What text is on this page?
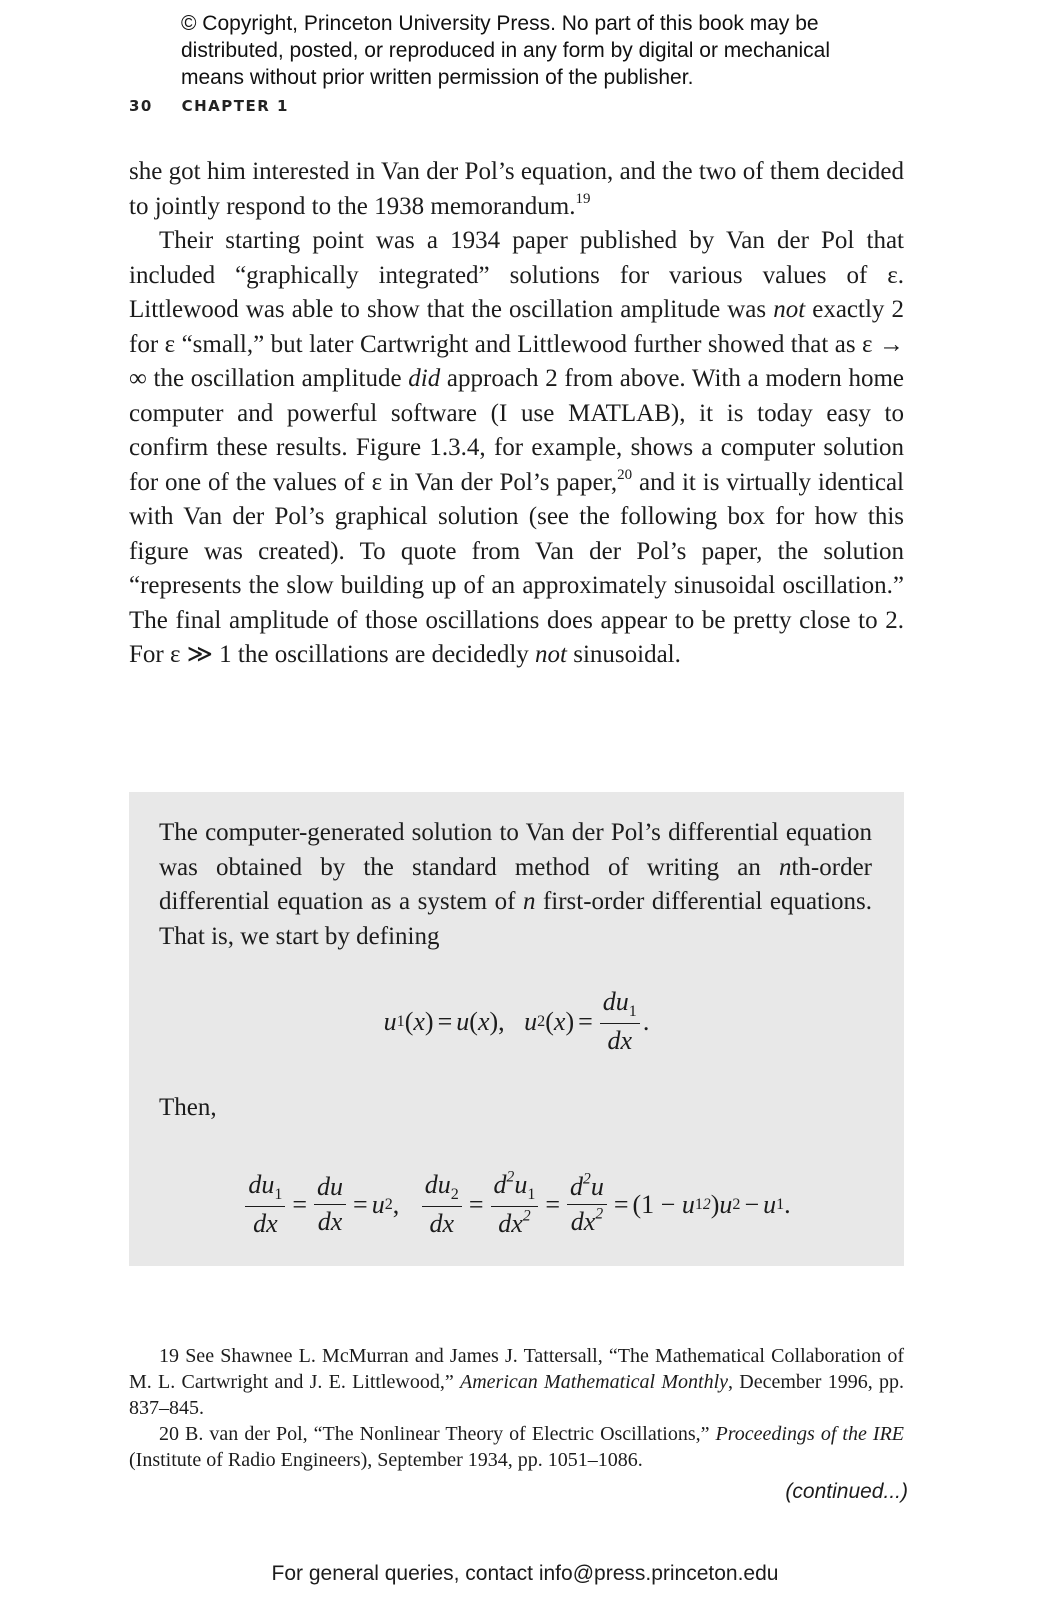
© Copyright, Princeton University Press. No part of this book may be

distributed, posted, or reproduced in any form by digital or mechanical

means without prior written permission of the publisher.

30 CHAPTER 1

she got him interested in Van der Pol’s equation, and the two of them decided to jointly respond to the 1938 memorandum.$^{19}$

Their starting point was a 1934 paper published by Van der Pol that included “graphically integrated” solutions for various values of ε. Littlewood was able to show that the oscillation amplitude was not exactly 2 for ε “small,” but later Cartwright and Littlewood further showed that as ε → ∞ the oscillation amplitude did approach 2 from above. With a modern home computer and powerful software (I use MATLAB), it is today easy to confirm these results. Figure 1.3.4, for example, shows a computer solution for one of the values of ε in Van der Pol’s paper,$^{20}$ and it is virtually identical with Van der Pol’s graphical solution (see the following box for how this figure was created). To quote from Van der Pol’s paper, the solution “represents the slow building up of an approximately sinusoidal oscillation.” The final amplitude of those oscillations does appear to be pretty close to 2. For ε ≫ 1 the oscillations are decidedly not sinusoidal.

The computer-generated solution to Van der Pol’s differential equation was obtained by the standard method of writing an nth-order differential equation as a system of n first-order differential equations. That is, we start by defining

u 1 ( x ) = u ( x ) , u 2 ( x ) = $\frac{du_1}{dx}$ .
Then,
$\frac{du_1}{dx} = \frac{du}{dx} = u$ 2 ,
$\frac{du_2}{dx} = \frac{d^2u_1}{dx^2} = \frac{d^2u}{dx^2} = (1 - u$ 1 2 ) u 2 − u 1 .

19 See Shawnee L. McMurran and James J. Tattersall, “The Mathematical Collaboration of M. L. Cartwright and J. E. Littlewood,” American Mathematical Monthly, December 1996, pp. 837–845.

20 B. van der Pol, “The Nonlinear Theory of Electric Oscillations,” Proceedings of the IRE (Institute of Radio Engineers), September 1934, pp. 1051–1086.

(continued...)
For general queries, contact info@press.princeton.edu
